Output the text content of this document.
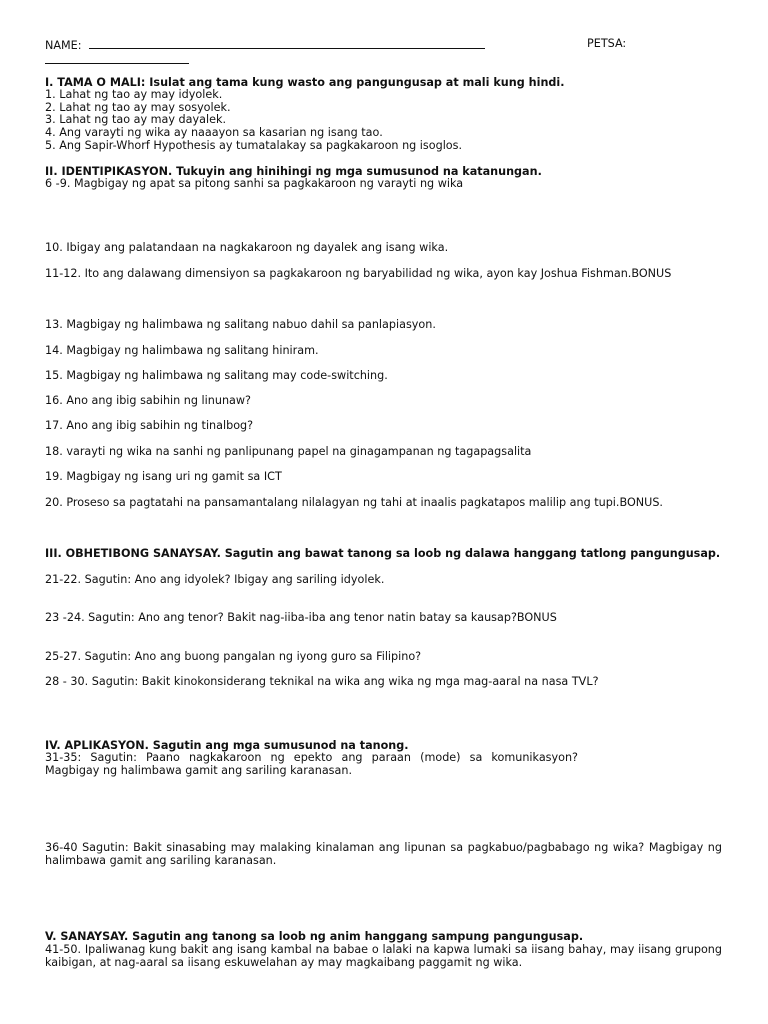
NAME:	PETSA:
I. TAMA O MALI: Isulat ang tama kung wasto ang pangungusap at mali kung hindi.
1. Lahat ng tao ay may idyolek.
2. Lahat ng tao ay may sosyolek.
3. Lahat ng tao ay may dayalek.
4. Ang varayti ng wika ay naaayon sa kasarian ng isang tao.
5. Ang Sapir-Whorf Hypothesis ay tumatalakay sa pagkakaroon ng isoglos.
II. IDENTIPIKASYON. Tukuyin ang hinihingi ng mga sumusunod na katanungan.
6 -9. Magbigay ng apat sa pitong sanhi sa pagkakaroon ng varayti ng wika
10. Ibigay ang palatandaan na nagkakaroon ng dayalek ang isang wika.
11-12. Ito ang dalawang dimensiyon sa pagkakaroon ng baryabilidad ng wika, ayon kay Joshua Fishman.BONUS
13. Magbigay ng halimbawa ng salitang nabuo dahil sa panlapiasyon.
14. Magbigay ng halimbawa ng salitang hiniram.
15. Magbigay ng halimbawa ng salitang may code-switching.
16. Ano ang ibig sabihin ng linunaw?
17. Ano ang ibig sabihin ng tinalbog?
18. varayti ng wika na sanhi ng panlipunang papel na ginagampanan ng tagapagsalita
19. Magbigay ng isang uri ng gamit sa ICT
20. Proseso sa pagtatahi na pansamantalang nilalagyan ng tahi at inaalis pagkatapos malilip ang tupi.BONUS.
III. OBHETIBONG SANAYSAY. Sagutin ang bawat tanong sa loob ng dalawa hanggang tatlong pangungusap.
21-22. Sagutin: Ano ang idyolek? Ibigay ang sariling idyolek.
23 -24. Sagutin: Ano ang tenor? Bakit nag-iiba-iba ang tenor natin batay sa kausap?BONUS
25-27. Sagutin: Ano ang buong pangalan ng iyong guro sa Filipino?
28 - 30. Sagutin: Bakit kinokonsiderang teknikal na wika ang wika ng mga mag-aaral na nasa TVL?
IV. APLIKASYON. Sagutin ang mga sumusunod na tanong.
31-35: Sagutin: Paano nagkakaroon ng epekto ang paraan (mode) sa komunikasyon? Magbigay ng halimbawa gamit ang sariling karanasan.
36-40 Sagutin: Bakit sinasabing may malaking kinalaman ang lipunan sa pagkabuo/pagbabago ng wika? Magbigay ng halimbawa gamit ang sariling karanasan.
V. SANAYSAY. Sagutin ang tanong sa loob ng anim hanggang sampung pangungusap.
41-50. Ipaliwanag kung bakit ang isang kambal na babae o lalaki na kapwa lumaki sa iisang bahay, may iisang grupong kaibigan, at nag-aaral sa iisang eskuwelahan ay may magkaibang paggamit ng wika.
